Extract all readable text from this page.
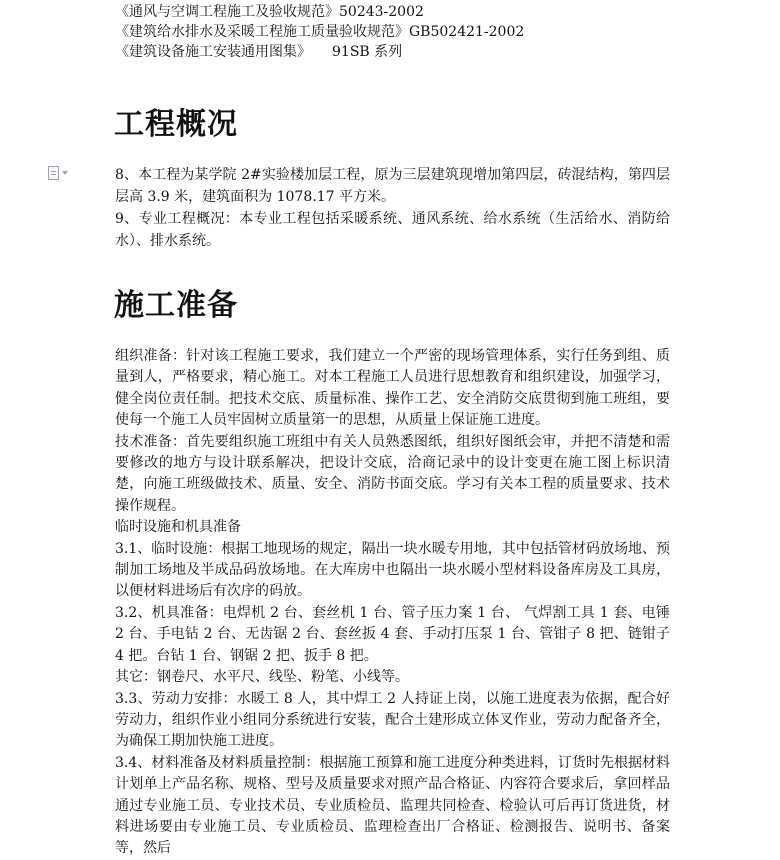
《通风与空调工程施工及验收规范》50243-2002
《建筑给水排水及采暖工程施工质量验收规范》GB502421-2002
《建筑设备施工安装通用图集》　　91SB 系列
工程概况

8、本工程为某学院 2#实验楼加层工程，原为三层建筑现增加第四层，砖混结构，第四层层高 3.9 米，建筑面积为 1078.17 平方米。

9、专业工程概况：本专业工程包括采暖系统、通风系统、给水系统（生活给水、消防给水）、排水系统。

施工准备

组织准备：针对该工程施工要求，我们建立一个严密的现场管理体系，实行任务到组、质量到人，严格要求，精心施工。对本工程施工人员进行思想教育和组织建设，加强学习，健全岗位责任制。把技术交底、质量标准、操作工艺、安全消防交底贯彻到施工班组，要使每一个施工人员牢固树立质量第一的思想，从质量上保证施工进度。

技术准备：首先要组织施工班组中有关人员熟悉图纸，组织好图纸会审，并把不清楚和需要修改的地方与设计联系解决，把设计交底，洽商记录中的设计变更在施工图上标识清楚，向施工班级做技术、质量、安全、消防书面交底。学习有关本工程的质量要求、技术操作规程。

临时设施和机具准备

3.1、临时设施：根据工地现场的规定，隔出一块水暖专用地，其中包括管材码放场地、预制加工场地及半成品码放场地。在大库房中也隔出一块水暖小型材料设备库房及工具房，以便材料进场后有次序的码放。

3.2、机具准备：电焊机 2 台、套丝机 1 台、管子压力案 1 台、 气焊割工具 1 套、电锤 2 台、手电钻 2 台、无齿锯 2 台、套丝扳 4 套、手动打压泵 1 台、管钳子 8 把、链钳子 4 把。台钻 1 台、钢锯 2 把、扳手 8 把。

其它：钢卷尺、水平尺、线坠、粉笔、小线等。

3.3、劳动力安排：水暖工 8 人，其中焊工 2 人持证上岗，以施工进度表为依据，配合好劳动力，组织作业小组同分系统进行安装，配合土建形成立体叉作业，劳动力配备齐全，为确保工期加快施工进度。

3.4、材料准备及材料质量控制：根据施工预算和施工进度分种类进料，订货时先根据材料计划单上产品名称、规格、型号及质量要求对照产品合格证、内容符合要求后，拿回样品通过专业施工员、专业技术员、专业质检员、监理共同检查、检验认可后再订货进货，材料进场要由专业施工员、专业质检员、监理检查出厂合格证、检测报告、说明书、备案等，然后
